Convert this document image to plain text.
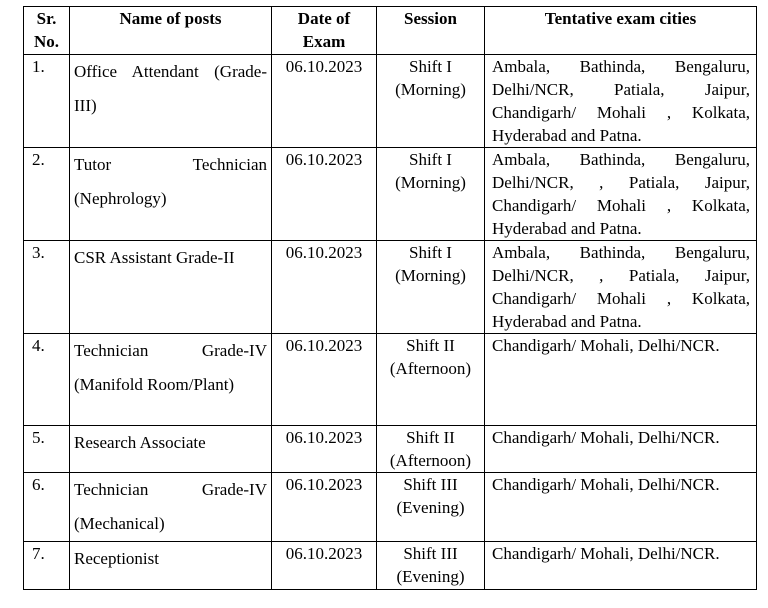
Sr. No.	Name of posts	Date of Exam	Session	Tentative exam cities
1.	Office Attendant (Grade-III)	06.10.2023	Shift I (Morning)	Ambala, Bathinda, Bengaluru, Delhi/NCR, Patiala, Jaipur, Chandigarh/ Mohali , Kolkata, Hyderabad and Patna.
2.	Tutor Technician (Nephrology)	06.10.2023	Shift I (Morning)	Ambala, Bathinda, Bengaluru, Delhi/NCR, , Patiala, Jaipur, Chandigarh/ Mohali , Kolkata, Hyderabad and Patna.
3.	CSR Assistant Grade-II	06.10.2023	Shift I (Morning)	Ambala, Bathinda, Bengaluru, Delhi/NCR, , Patiala, Jaipur, Chandigarh/ Mohali , Kolkata, Hyderabad and Patna.
4.	Technician Grade-IV (Manifold Room/Plant)	06.10.2023	Shift II (Afternoon)	Chandigarh/ Mohali, Delhi/NCR.
5.	Research Associate	06.10.2023	Shift II (Afternoon)	Chandigarh/ Mohali, Delhi/NCR.
6.	Technician Grade-IV (Mechanical)	06.10.2023	Shift III (Evening)	Chandigarh/ Mohali, Delhi/NCR.
7.	Receptionist	06.10.2023	Shift III (Evening)	Chandigarh/ Mohali, Delhi/NCR.
